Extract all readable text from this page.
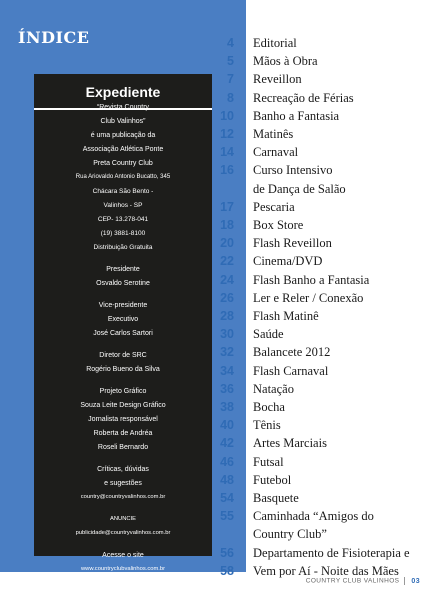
ÍNDICE
Expediente
“Revista Country
Club Valinhos”
é uma publicação da
Associação Atlética Ponte
Preta Country Club
Rua Ariovaldo Antonio Bucatto, 345
Chácara São Bento -
Valinhos - SP
CEP- 13.278-041
(19) 3881-8100
Distribuição Gratuita
Presidente
Osvaldo Serotine
Vice-presidente
Executivo
José Carlos Sartori
Diretor de SRC
Rogério Bueno da Silva
Projeto Gráfico
Souza Leite Design Gráfico
Jornalista responsável
Roberta de Andréa
Roseli Bernardo
Críticas, dúvidas
e sugestões
country@countryvalinhos.com.br
ANUNCIE
publicidade@countryvalinhos.com.br
Acesse o site
www.countryclubvalinhos.com.br
4 Editorial
5 Mãos à Obra
7 Reveillon
8 Recreação de Férias
10 Banho a Fantasia
12 Matinês
14 Carnaval
16 Curso Intensivo
de Dança de Salão
17 Pescaria
18 Box Store
20 Flash Reveillon
22 Cinema/DVD
24 Flash Banho a Fantasia
26 Ler e Reler / Conexão
28 Flash Matinê
30 Saúde
32 Balancete 2012
34 Flash Carnaval
36 Natação
38 Bocha
40 Tênis
42 Artes Marciais
46 Futsal
48 Futebol
54 Basquete
55 Caminhada “Amigos do
Country Club”
56 Departamento de Fisioterapia e
58 Vem por Aí - Noite das Mães
COUNTRY CLUB VALINHOS 03
